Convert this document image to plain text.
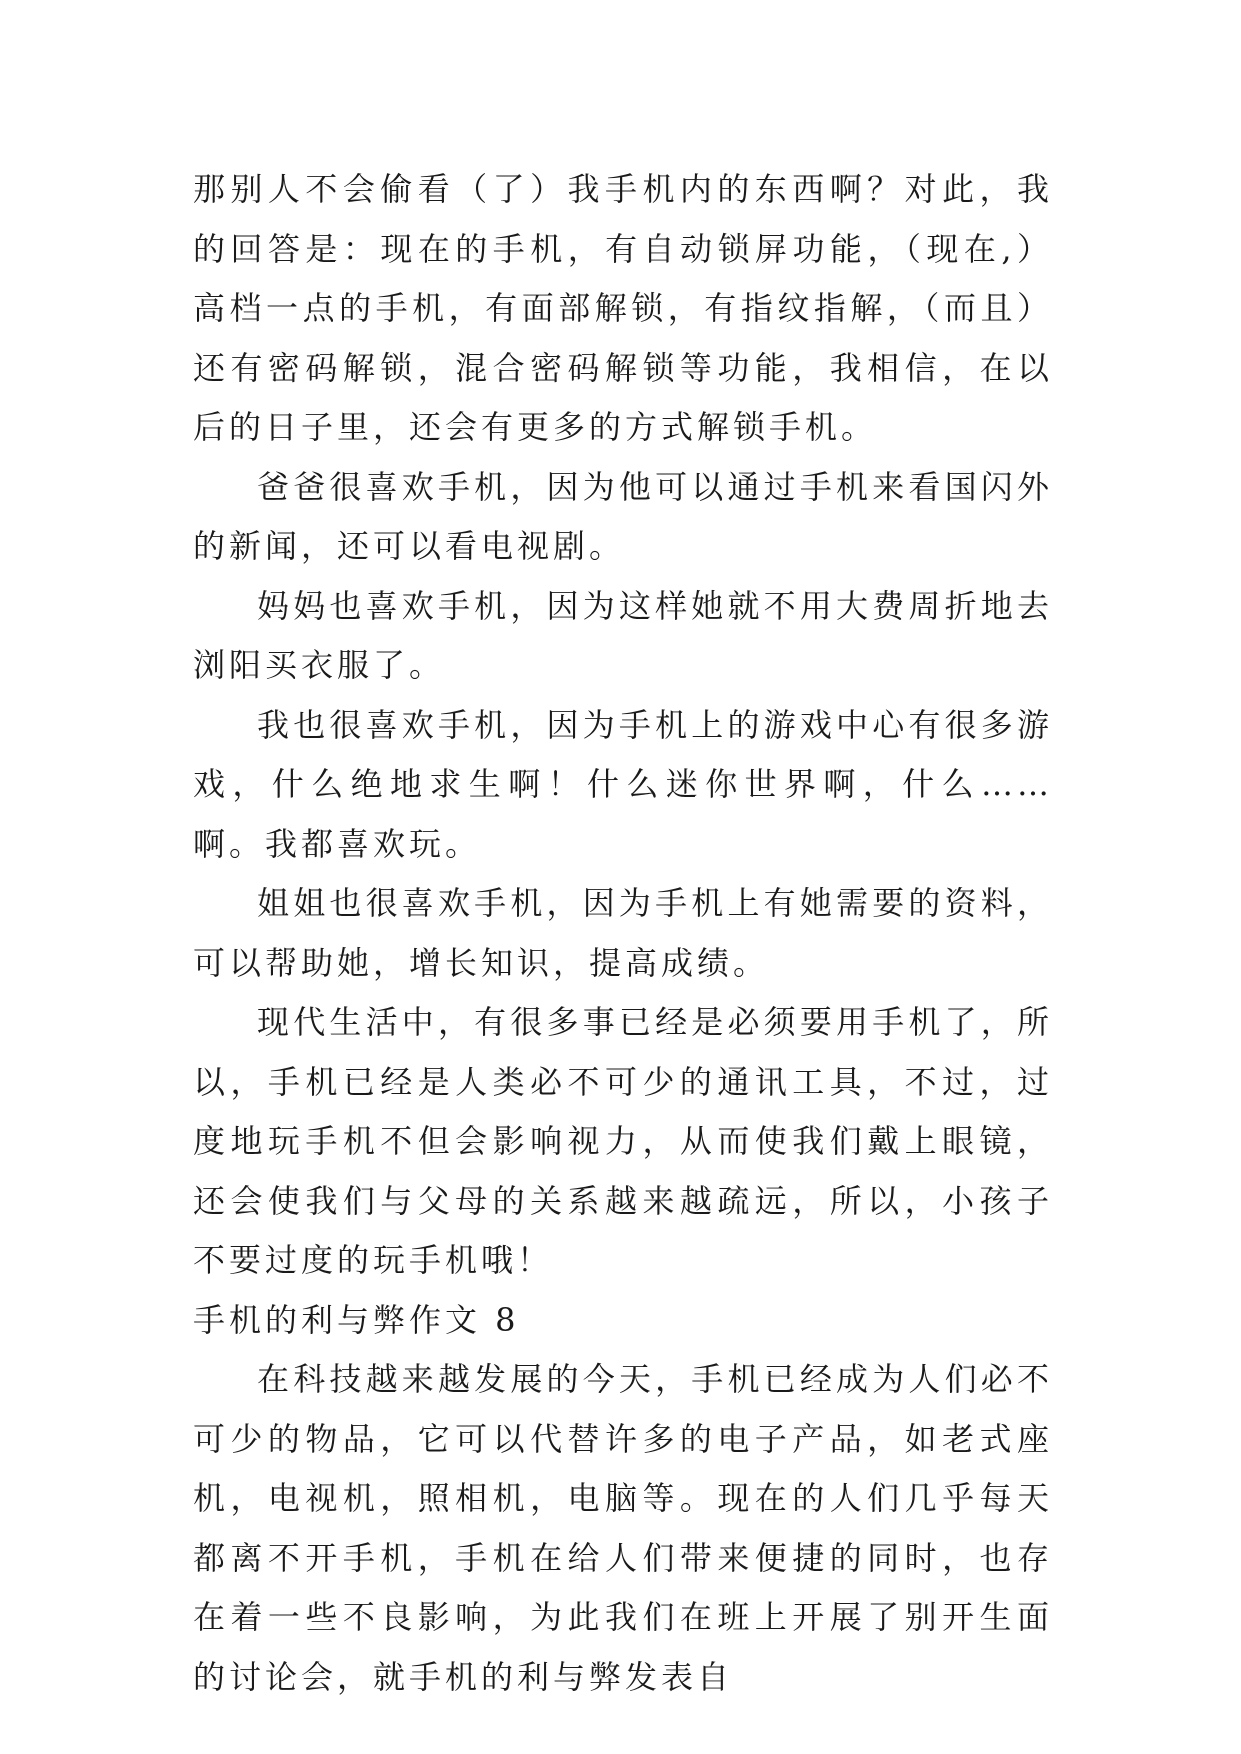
那别人不会偷看（了）我手机内的东西啊？对此，我的回答是：现在的手机，有自动锁屏功能，（现在,）高档一点的手机，有面部解锁，有指纹指解，（而且）还有密码解锁，混合密码解锁等功能，我相信，在以后的日子里，还会有更多的方式解锁手机。

爸爸很喜欢手机，因为他可以通过手机来看国闪外的新闻，还可以看电视剧。

妈妈也喜欢手机，因为这样她就不用大费周折地去浏阳买衣服了。

我也很喜欢手机，因为手机上的游戏中心有很多游戏，什么绝地求生啊！什么迷你世界啊，什么……啊。我都喜欢玩。

姐姐也很喜欢手机，因为手机上有她需要的资料，可以帮助她，增长知识，提高成绩。

现代生活中，有很多事已经是必须要用手机了，所以，手机已经是人类必不可少的通讯工具，不过，过度地玩手机不但会影响视力，从而使我们戴上眼镜，还会使我们与父母的关系越来越疏远，所以，小孩子不要过度的玩手机哦！

手机的利与弊作文 8

在科技越来越发展的今天，手机已经成为人们必不可少的物品，它可以代替许多的电子产品，如老式座机，电视机，照相机，电脑等。现在的人们几乎每天都离不开手机，手机在给人们带来便捷的同时，也存在着一些不良影响，为此我们在班上开展了别开生面的讨论会，就手机的利与弊发表自
